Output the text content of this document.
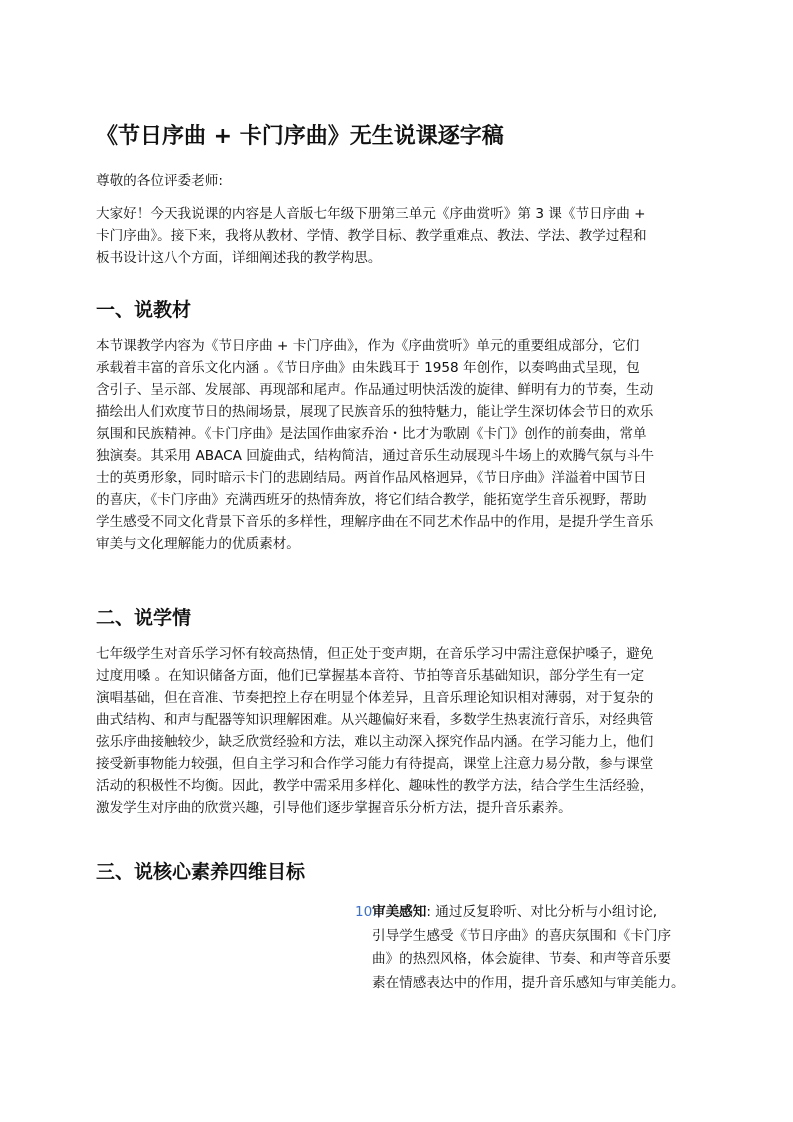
《节日序曲 + 卡门序曲》无生说课逐字稿

尊敬的各位评委老师:

大家好！今天我说课的内容是人音版七年级下册第三单元《序曲赏听》第 3 课《节日序曲 +
卡门序曲》。接下来，我将从教材、学情、教学目标、教学重难点、教法、学法、教学过程和
板书设计这八个方面，详细阐述我的教学构思。
一、说教材
本节课教学内容为《节日序曲 + 卡门序曲》，作为《序曲赏听》单元的重要组成部分，它们
承载着丰富的音乐文化内涵 。《节日序曲》由朱践耳于 1958 年创作，以奏鸣曲式呈现，包
含引子、呈示部、发展部、再现部和尾声。作品通过明快活泼的旋律、鲜明有力的节奏，生动
描绘出人们欢度节日的热闹场景，展现了民族音乐的独特魅力，能让学生深切体会节日的欢乐
氛围和民族精神。《卡门序曲》是法国作曲家乔治・比才为歌剧《卡门》创作的前奏曲，常单
独演奏。其采用 ABACA 回旋曲式，结构简洁，通过音乐生动展现斗牛场上的欢腾气氛与斗牛
士的英勇形象，同时暗示卡门的悲剧结局。两首作品风格迥异，《节日序曲》洋溢着中国节日
的喜庆，《卡门序曲》充满西班牙的热情奔放，将它们结合教学，能拓宽学生音乐视野，帮助
学生感受不同文化背景下音乐的多样性，理解序曲在不同艺术作品中的作用，是提升学生音乐
审美与文化理解能力的优质素材。
二、说学情
七年级学生对音乐学习怀有较高热情，但正处于变声期，在音乐学习中需注意保护嗓子，避免
过度用嗓 。在知识储备方面，他们已掌握基本音符、节拍等音乐基础知识，部分学生有一定
演唱基础，但在音准、节奏把控上存在明显个体差异，且音乐理论知识相对薄弱，对于复杂的
曲式结构、和声与配器等知识理解困难。从兴趣偏好来看，多数学生热衷流行音乐，对经典管
弦乐序曲接触较少，缺乏欣赏经验和方法，难以主动深入探究作品内涵。在学习能力上，他们
接受新事物能力较强，但自主学习和合作学习能力有待提高，课堂上注意力易分散，参与课堂
活动的积极性不均衡。因此，教学中需采用多样化、趣味性的教学方法，结合学生生活经验，
激发学生对序曲的欣赏兴趣，引导他们逐步掌握音乐分析方法，提升音乐素养。
三、说核心素养四维目标
10.
审美感知: 通过反复聆听、对比分析与小组讨论,
引导学生感受《节日序曲》的喜庆氛围和《卡门序
曲》的热烈风格，体会旋律、节奏、和声等音乐要
素在情感表达中的作用，提升音乐感知与审美能力。
